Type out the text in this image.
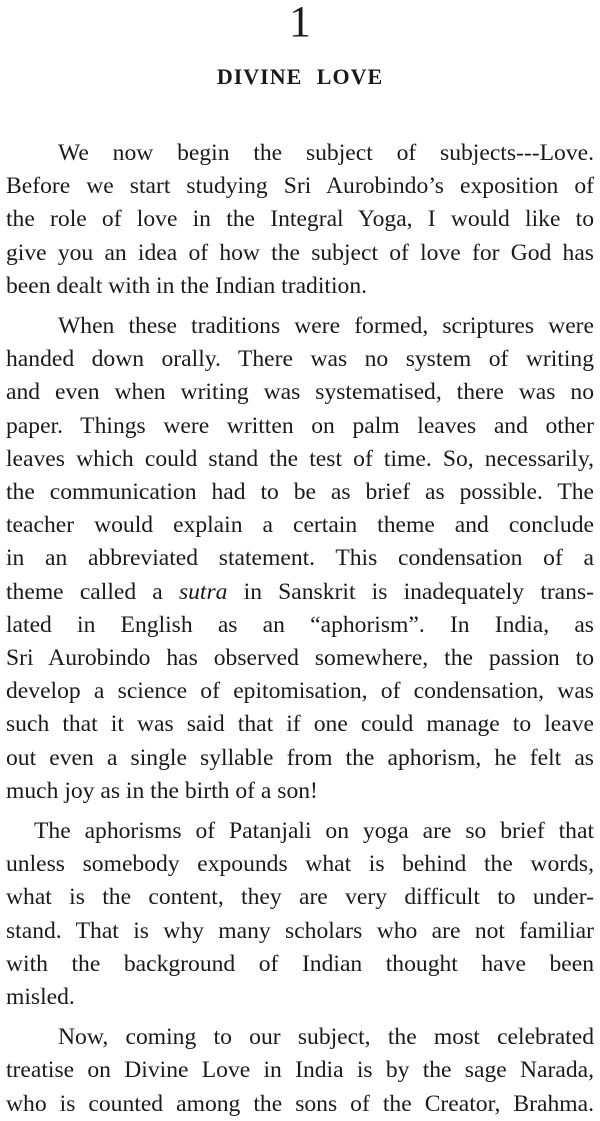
1
DIVINE LOVE
We now begin the subject of subjects---Love.
Before we start studying Sri Aurobindo’s exposition of
the role of love in the Integral Yoga, I would like to
give you an idea of how the subject of love for God has
been dealt with in the Indian tradition.
When these traditions were formed, scriptures were
handed down orally. There was no system of writing
and even when writing was systematised, there was no
paper. Things were written on palm leaves and other
leaves which could stand the test of time. So, necessarily,
the communication had to be as brief as possible. The
teacher would explain a certain theme and conclude
in an abbreviated statement. This condensation of a
theme called a sutra in Sanskrit is inadequately trans-
lated in English as an “aphorism”. In India, as
Sri Aurobindo has observed somewhere, the passion to
develop a science of epitomisation, of condensation, was
such that it was said that if one could manage to leave
out even a single syllable from the aphorism, he felt as
much joy as in the birth of a son!
The aphorisms of Patanjali on yoga are so brief that
unless somebody expounds what is behind the words,
what is the content, they are very difficult to under-
stand. That is why many scholars who are not familiar
with the background of Indian thought have been
misled.
Now, coming to our subject, the most celebrated
treatise on Divine Love in India is by the sage Narada,
who is counted among the sons of the Creator, Brahma.
